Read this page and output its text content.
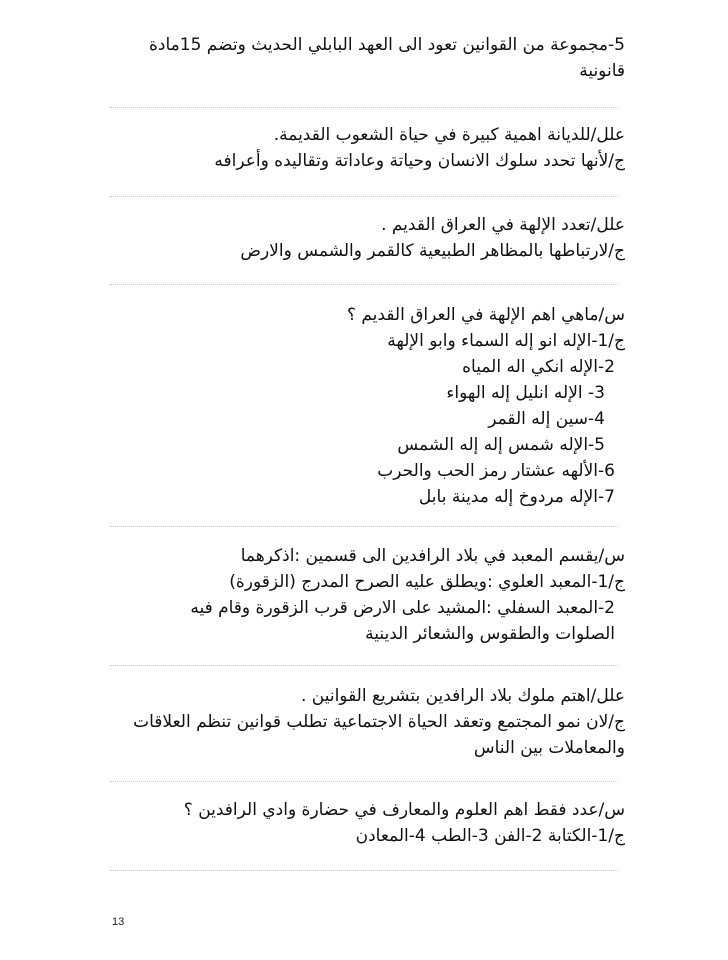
5-مجموعة من القوانين تعود الى العهد البابلي الحديث وتضم 15مادة
قانونية
علل/للديانة اهمية كبيرة في حياة الشعوب القديمة.
ج/لأنها تحدد سلوك الانسان وحياتة وعاداتة وتقاليده وأعرافه
علل/تعدد الإلهة في العراق القديم .
ج/لارتباطها بالمظاهر الطبيعية كالقمر والشمس والارض
س/ماهي اهم الإلهة في العراق القديم ؟
ج/1-الإله انو إله السماء وابو الإلهة
2-الإله انكي اله المياه
3- الإله انليل إله الهواء
4-سين إله القمر
5-الإله شمس إله إله الشمس
6-الألهه عشتار رمز الحب والحرب
7-الإله مردوخ إله مدينة بابل
س/يقسم المعبد في بلاد الرافدين الى قسمين :اذكرهما
ج/1-المعبد العلوي :ويطلق عليه الصرح المدرج (الزقورة)
2-المعبد السفلي :المشيد على الارض قرب الزقورة وقام فيه
الصلوات والطقوس والشعائر الدينية
علل/اهتم ملوك بلاد الرافدين بتشريع القوانين .
ج/لان نمو المجتمع وتعقد الحياة الاجتماعية تطلب قوانين تنظم العلاقات
والمعاملات بين الناس
س/عدد فقط اهم العلوم والمعارف في حضارة وادي الرافدين ؟
ج/1-الكتابة 2-الفن 3-الطب 4-المعادن
13
